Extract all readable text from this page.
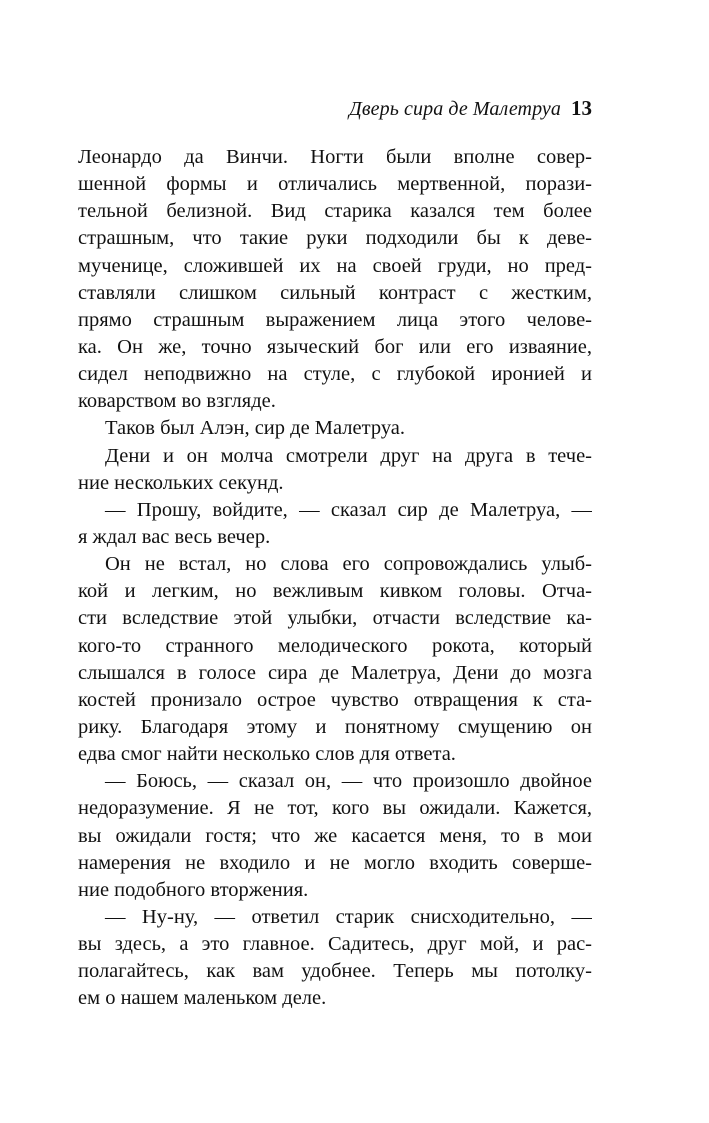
Дверь сира де Малетруа 13
Леонардо да Винчи. Ногти были вполне совер-
шенной формы и отличались мертвенной, порази-
тельной белизной. Вид старика казался тем более
страшным, что такие руки подходили бы к деве-
мученице, сложившей их на своей груди, но пред-
ставляли слишком сильный контраст с жестким,
прямо страшным выражением лица этого челове-
ка. Он же, точно языческий бог или его изваяние,
сидел неподвижно на стуле, с глубокой иронией и
коварством во взгляде.
Таков был Алэн, сир де Малетруа.
Дени и он молча смотрели друг на друга в тече-
ние нескольких секунд.
— Прошу, войдите, — сказал сир де Малетруа, —
я ждал вас весь вечер.
Он не встал, но слова его сопровождались улыб-
кой и легким, но вежливым кивком головы. Отча-
сти вследствие этой улыбки, отчасти вследствие ка-
кого-то странного мелодического рокота, который
слышался в голосе сира де Малетруа, Дени до мозга
костей пронизало острое чувство отвращения к ста-
рику. Благодаря этому и понятному смущению он
едва смог найти несколько слов для ответа.
— Боюсь, — сказал он, — что произошло двойное
недоразумение. Я не тот, кого вы ожидали. Кажется,
вы ожидали гостя; что же касается меня, то в мои
намерения не входило и не могло входить соверше-
ние подобного вторжения.
— Ну-ну, — ответил старик снисходительно, —
вы здесь, а это главное. Садитесь, друг мой, и рас-
полагайтесь, как вам удобнее. Теперь мы потолку-
ем о нашем маленьком деле.
